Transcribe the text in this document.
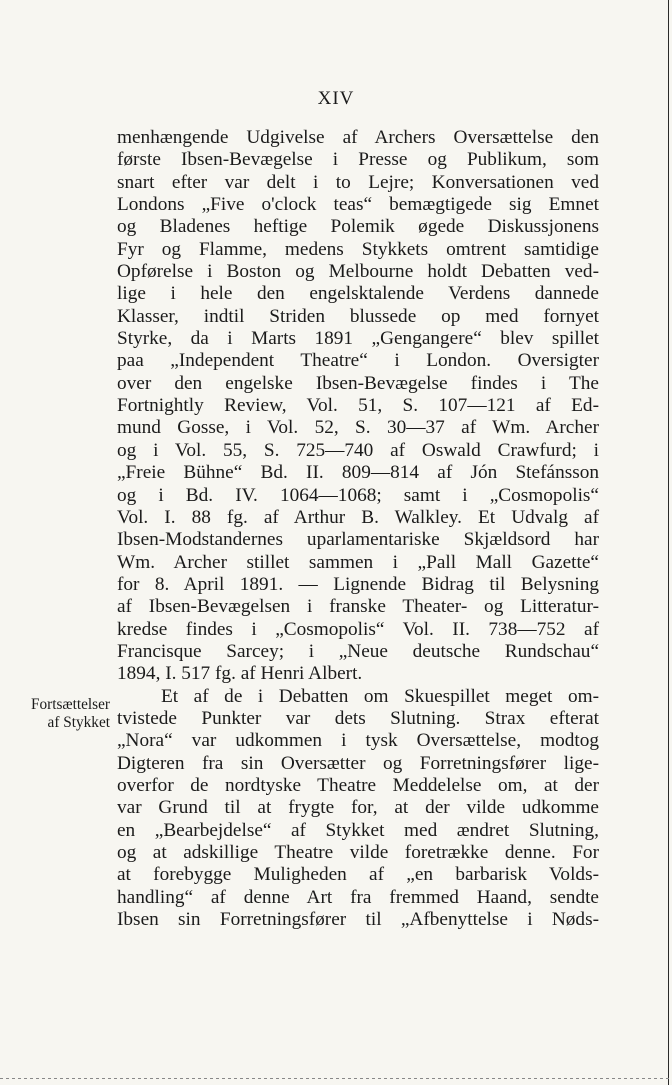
XIV
Fortsættelser
af Stykket
menhængende Udgivelse af Archers Oversættelse den
første Ibsen-Bevægelse i Presse og Publikum, som
snart efter var delt i to Lejre; Konversationen ved
Londons „Five o'clock teas“ bemægtigede sig Emnet
og Bladenes heftige Polemik øgede Diskussjonens
Fyr og Flamme, medens Stykkets omtrent samtidige
Opførelse i Boston og Melbourne holdt Debatten ved-
lige i hele den engelsktalende Verdens dannede
Klasser, indtil Striden blussede op med fornyet
Styrke, da i Marts 1891 „Gengangere“ blev spillet
paa „Independent Theatre“ i London. Oversigter
over den engelske Ibsen-Bevægelse findes i The
Fortnightly Review, Vol. 51, S. 107—121 af Ed-
mund Gosse, i Vol. 52, S. 30—37 af Wm. Archer
og i Vol. 55, S. 725—740 af Oswald Crawfurd; i
„Freie Bühne“ Bd. II. 809—814 af Jón Stefánsson
og i Bd. IV. 1064—1068; samt i „Cosmopolis“
Vol. I. 88 fg. af Arthur B. Walkley. Et Udvalg af
Ibsen-Modstandernes uparlamentariske Skjældsord har
Wm. Archer stillet sammen i „Pall Mall Gazette“
for 8. April 1891. — Lignende Bidrag til Belysning
af Ibsen-Bevægelsen i franske Theater- og Litteratur-
kredse findes i „Cosmopolis“ Vol. II. 738—752 af
Francisque Sarcey; i „Neue deutsche Rundschau“
1894, I. 517 fg. af Henri Albert.
Et af de i Debatten om Skuespillet meget om-
tvistede Punkter var dets Slutning. Strax efterat
„Nora“ var udkommen i tysk Oversættelse, modtog
Digteren fra sin Oversætter og Forretningsfører lige-
overfor de nordtyske Theatre Meddelelse om, at der
var Grund til at frygte for, at der vilde udkomme
en „Bearbejdelse“ af Stykket med ændret Slutning,
og at adskillige Theatre vilde foretrække denne. For
at forebygge Muligheden af „en barbarisk Volds-
handling“ af denne Art fra fremmed Haand, sendte
Ibsen sin Forretningsfører til „Afbenyttelse i Nøds-
